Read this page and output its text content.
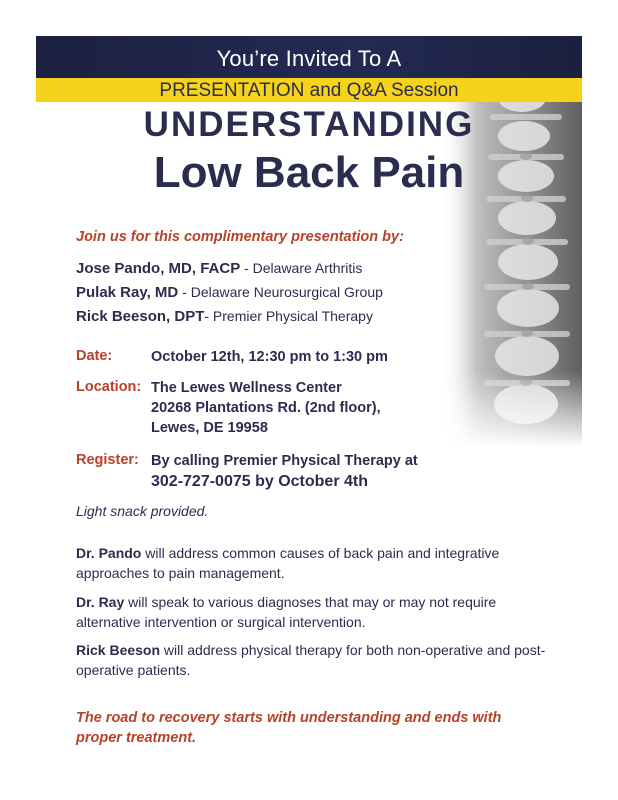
You’re Invited To A
PRESENTATION and Q&A Session
UNDERSTANDING
Low Back Pain
Join us for this complimentary presentation by:
Jose Pando, MD, FACP - Delaware Arthritis
Pulak Ray, MD - Delaware Neurosurgical Group
Rick Beeson, DPT- Premier Physical Therapy
Date:	October 12th, 12:30 pm to 1:30 pm
Location: The Lewes Wellness Center
20268 Plantations Rd. (2nd floor),
Lewes, DE 19958
Register: By calling Premier Physical Therapy at
302-727-0075 by October 4th
Light snack provided.
Dr. Pando will address common causes of back pain and integrative approaches to pain management.
Dr. Ray will speak to various diagnoses that may or may not require alternative intervention or surgical intervention.
Rick Beeson will address physical therapy for both non-operative and post-operative patients.
The road to recovery starts with understanding and ends with proper treatment.
